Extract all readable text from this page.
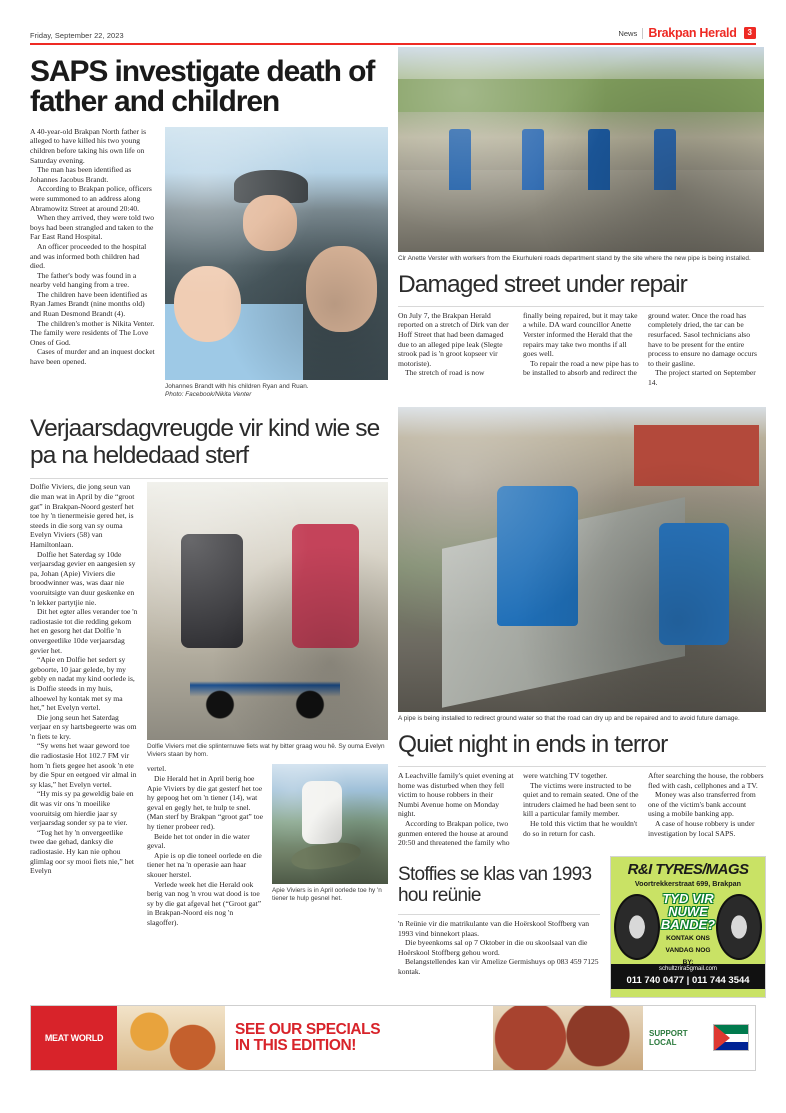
Friday, September 22, 2023	News Brakpan Herald	3
SAPS investigate death of father and children

A 40-year-old Brakpan North father is alleged to have killed his two young children before taking his own life on Saturday evening.

The man has been identified as Johannes Jacobus Brandt.

According to Brakpan police, officers were summoned to an address along Abramowitz Street at around 20:40.

When they arrived, they were told two boys had been strangled and taken to the Far East Rand Hospital.

An officer proceeded to the hospital and was informed both children had died.

The father's body was found in a nearby veld hanging from a tree.

The children have been identified as Ryan James Brandt (nine months old) and Ruan Desmond Brandt (4).

The children's mother is Nikita Venter. The family were residents of The Love Ones of God.

Cases of murder and an inquest docket have been opened.

Johannes Brandt with his children Ryan and Ruan.
Photo: Facebook/Nikita Venter
Clr Anette Verster with workers from the Ekurhuleni roads department stand by the site where the new pipe is being installed.
Damaged street under repair

On July 7, the Brakpan Herald reported on a stretch of Dirk van der Hoff Street that had been damaged due to an alleged pipe leak (Slegte strook pad is 'n groot kopseer vir motoriste).

The stretch of road is now

finally being repaired, but it may take a while. DA ward councillor Anette Verster informed the Herald that the repairs may take two months if all goes well.

To repair the road a new pipe has to be installed to absorb and redirect the

ground water. Once the road has completely dried, the tar can be resurfaced. Sasol technicians also have to be present for the entire process to ensure no damage occurs to their gasline.

The project started on September 14.

Verjaarsdagvreugde vir kind wie se pa na heldedaad sterf

Dolfie Viviers, die jong seun van die man wat in April by die “groot gat” in Brakpan-Noord gesterf het toe hy 'n tienermeisie gered het, is steeds in die sorg van sy ouma Evelyn Viviers (58) van Hamiltonlaan.

Dolfie het Saterdag sy 10de verjaarsdag gevier en aangesien sy pa, Johan (Apie) Viviers die broodwinner was, was daar nie vooruitsigte van duur geskenke en 'n lekker partytjie nie.

Dit het egter alles verander toe 'n radiostasie tot die redding gekom het en gesorg het dat Dolfie 'n onvergeetlike 10de verjaarsdag gevier het.

“Apie en Dolfie het sedert sy geboorte, 10 jaar gelede, by my gebly en nadat my kind oorlede is, is Dolfie steeds in my huis, alhoewel hy kontak met sy ma het,” het Evelyn vertel.

Die jong seun het Saterdag verjaar en sy hartsbegeerte was om 'n fiets te kry.

“Sy wens het waar geword toe die radiostasie Hot 102.7 FM vir hom 'n fiets gegee het asook 'n ete by die Spur en eetgoed vir almal in sy klas,” het Evelyn vertel.

“Hy mis sy pa geweldig baie en dit was vir ons 'n moeilike vooruitsig om hierdie jaar sy verjaarsdag sonder sy pa te vier.

“Tog het hy 'n onvergeetlike twee dae gehad, danksy die radiostasie. Hy kan nie ophou glimlag oor sy mooi fiets nie,” het Evelyn

Dolfie Viviers met die splinternuwe fiets wat hy bitter graag wou hê. Sy ouma Evelyn Viviers staan by hom.

vertel.

Die Herald het in April berig hoe Apie Viviers by die gat gesterf het toe hy gepoog het om 'n tiener (14), wat geval en gegly het, te hulp te snel. (Man sterf by Brakpan “groot gat” toe hy tiener probeer red).

Beide het tot onder in die water geval.

Apie is op die toneel oorlede en die tiener het na 'n operasie aan haar skouer herstel.

Verlede week het die Herald ook berig van nog 'n vrou wat dood is toe sy by die gat afgeval het (“Groot gat” in Brakpan-Noord eis nog 'n slagoffer).

Apie Viviers is in April oorlede toe hy 'n tiener te hulp gesnel het.
A pipe is being installed to redirect ground water so that the road can dry up and be repaired and to avoid future damage.
Quiet night in ends in terror

A Leachville family's quiet evening at home was disturbed when they fell victim to house robbers in their Numbi Avenue home on Monday night.

According to Brakpan police, two gunmen entered the house at around 20:50 and threatened the family who

were watching TV together.

The victims were instructed to be quiet and to remain seated. One of the intruders claimed he had been sent to kill a particular family member.

He told this victim that he wouldn't do so in return for cash.

After searching the house, the robbers fled with cash, cellphones and a TV.

Money was also transferred from one of the victim's bank account using a mobile banking app.

A case of house robbery is under investigation by local SAPS.

Stoffies se klas van 1993 hou reünie

'n Reünie vir die matrikulante van die Hoërskool Stoffberg van 1993 vind binnekort plaas.

Die byeenkoms sal op 7 Oktober in die ou skoolsaal van die Hoërskool Stoffberg gehou word.

Belangstellendes kan vir Amelize Germishuys op 083 459 7125 kontak.

R&I TYRES/MAGS
Voortrekkerstraat 699, Brakpan
TYD VIR
NUWE
BANDE?
KONTAK ONS
VANDAG NOG
BY:
schultzrira5gmail.com
011 740 0477 | 011 744 3544
MEAT WORLD	SEE OUR SPECIALS
IN THIS EDITION!
SUPPORT LOCAL
